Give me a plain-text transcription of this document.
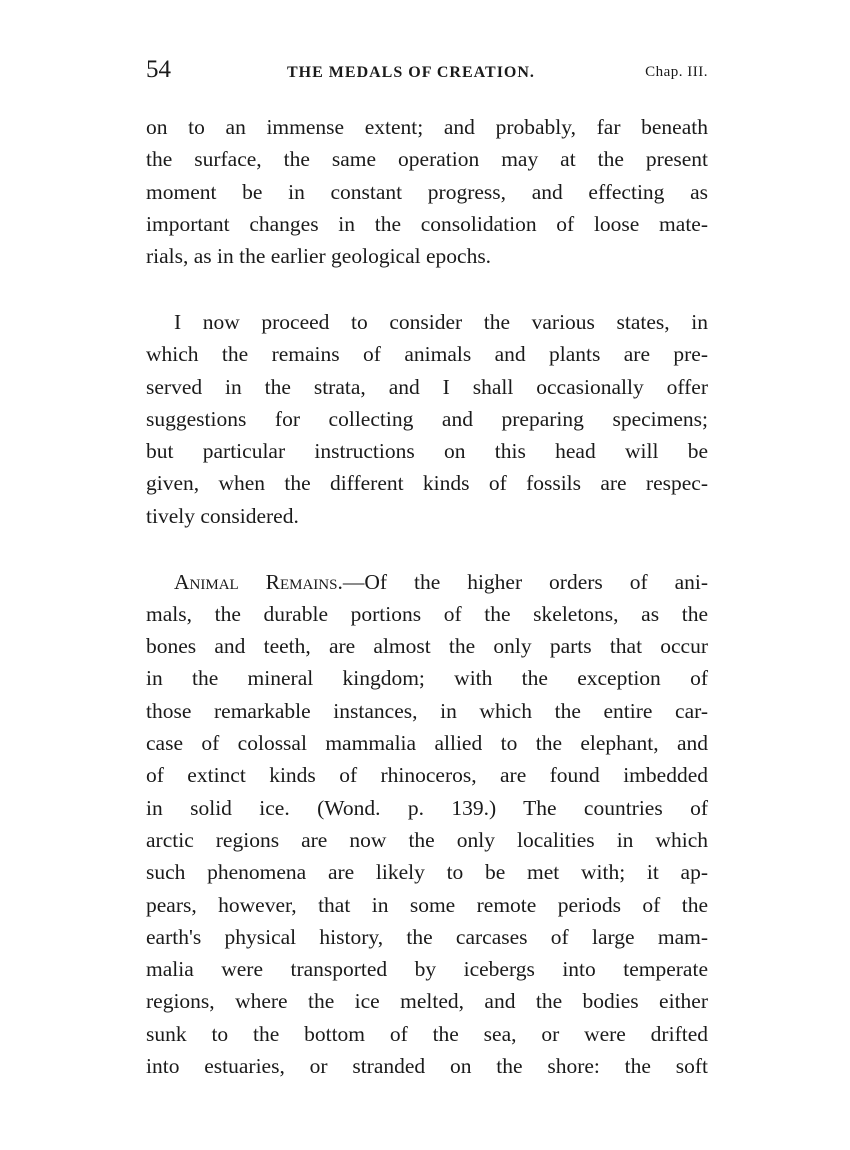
54	THE MEDALS OF CREATION.	Chap. III.
on to an immense extent; and probably, far beneath
the surface, the same operation may at the present
moment be in constant progress, and effecting as
important changes in the consolidation of loose mate-
rials, as in the earlier geological epochs.
I now proceed to consider the various states, in
which the remains of animals and plants are pre-
served in the strata, and I shall occasionally offer
suggestions for collecting and preparing specimens;
but particular instructions on this head will be
given, when the different kinds of fossils are respec-
tively considered.
Animal Remains.—Of the higher orders of ani-
mals, the durable portions of the skeletons, as the
bones and teeth, are almost the only parts that occur
in the mineral kingdom; with the exception of
those remarkable instances, in which the entire car-
case of colossal mammalia allied to the elephant, and
of extinct kinds of rhinoceros, are found imbedded
in solid ice. (Wond. p. 139.) The countries of
arctic regions are now the only localities in which
such phenomena are likely to be met with; it ap-
pears, however, that in some remote periods of the
earth's physical history, the carcases of large mam-
malia were transported by icebergs into temperate
regions, where the ice melted, and the bodies either
sunk to the bottom of the sea, or were drifted
into estuaries, or stranded on the shore: the soft
